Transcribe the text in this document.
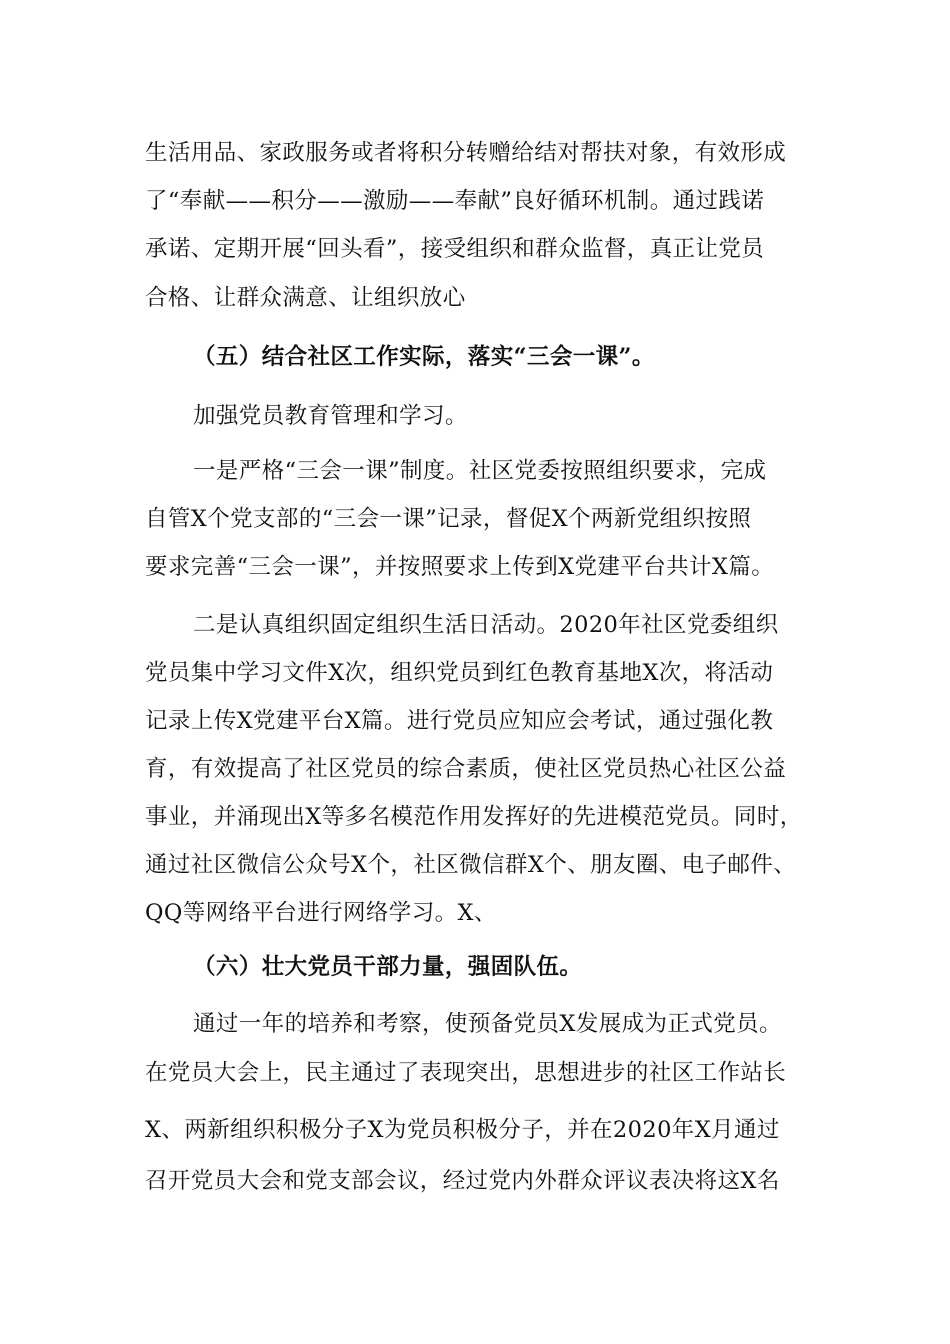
生活用品、家政服务或者将积分转赠给结对帮扶对象，有效形成
了“奉献——积分——激励——奉献”良好循环机制。通过践诺
承诺、定期开展“回头看”，接受组织和群众监督，真正让党员
合格、让群众满意、让组织放心
（五）结合社区工作实际，落实“三会一课”。
加强党员教育管理和学习。
一是严格“三会一课”制度。社区党委按照组织要求，完成
自管X个党支部的“三会一课”记录，督促X个两新党组织按照
要求完善“三会一课”，并按照要求上传到X党建平台共计X篇。
二是认真组织固定组织生活日活动。2020年社区党委组织
党员集中学习文件X次，组织党员到红色教育基地X次，将活动
记录上传X党建平台X篇。进行党员应知应会考试，通过强化教
育，有效提高了社区党员的综合素质，使社区党员热心社区公益
事业，并涌现出X等多名模范作用发挥好的先进模范党员。同时，
通过社区微信公众号X个，社区微信群X个、朋友圈、电子邮件、
QQ等网络平台进行网络学习。X、
（六）壮大党员干部力量，强固队伍。
通过一年的培养和考察，使预备党员X发展成为正式党员。
在党员大会上，民主通过了表现突出，思想进步的社区工作站长
X、两新组织积极分子X为党员积极分子，并在2020年X月通过
召开党员大会和党支部会议，经过党内外群众评议表决将这X名
